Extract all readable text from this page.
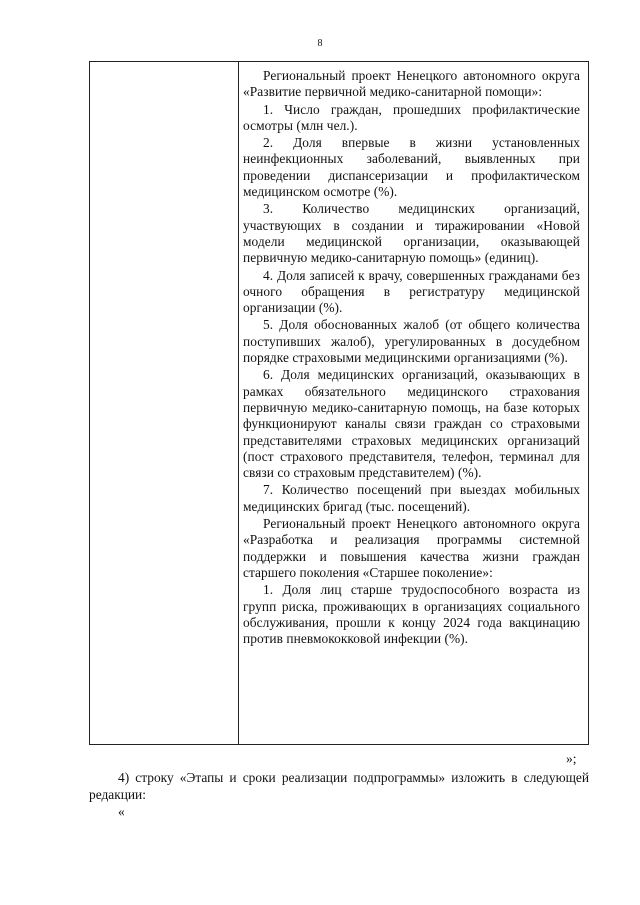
8

Региональный проект Ненецкого автономного округа «Развитие первичной медико-санитарной помощи»:

1. Число граждан, прошедших профилактические осмотры (млн чел.).

2. Доля впервые в жизни установленных неинфекционных заболеваний, выявленных при проведении диспансеризации и профилактическом медицинском осмотре (%).

3. Количество медицинских организаций, участвующих в создании и тиражировании «Новой модели медицинской организации, оказывающей первичную медико-санитарную помощь» (единиц).

4. Доля записей к врачу, совершенных гражданами без очного обращения в регистратуру медицинской организации (%).

5. Доля обоснованных жалоб (от общего количества поступивших жалоб), урегулированных в досудебном порядке страховыми медицинскими организациями (%).

6. Доля медицинских организаций, оказывающих в рамках обязательного медицинского страхования первичную медико-санитарную помощь, на базе которых функционируют каналы связи граждан со страховыми представителями страховых медицинских организаций (пост страхового представителя, телефон, терминал для связи со страховым представителем) (%).

7. Количество посещений при выездах мобильных медицинских бригад (тыс. посещений).

Региональный проект Ненецкого автономного округа «Разработка и реализация программы системной поддержки и повышения качества жизни граждан старшего поколения «Старшее поколение»:

1. Доля лиц старше трудоспособного возраста из групп риска, проживающих в организациях социального обслуживания, прошли к концу 2024 года вакцинацию против пневмококковой инфекции (%).

»;

4) строку «Этапы и сроки реализации подпрограммы» изложить в следующей редакции:

«
